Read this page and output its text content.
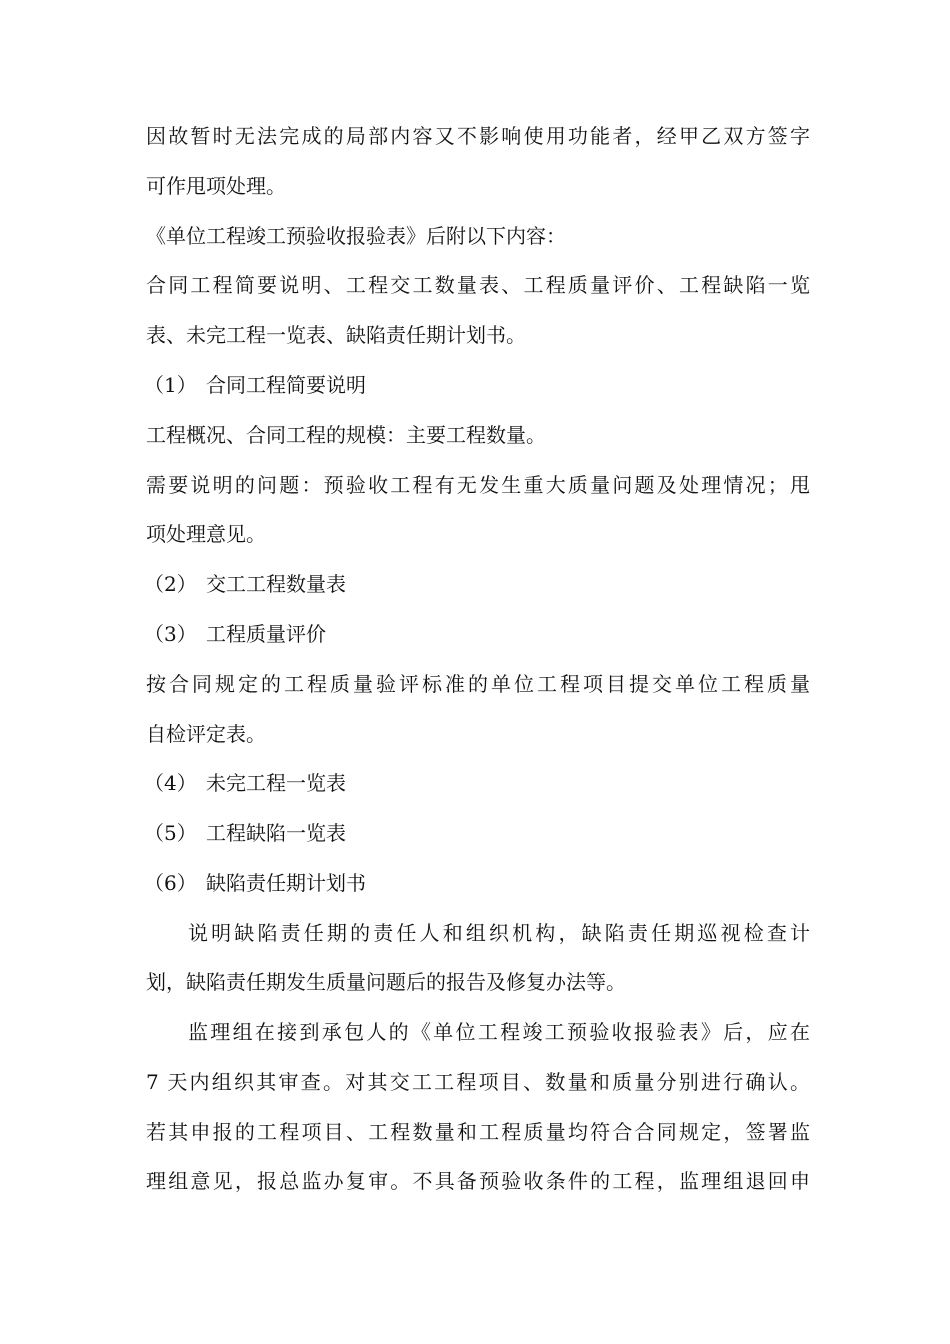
因故暂时无法完成的局部内容又不影响使用功能者，经甲乙双方签字
可作甩项处理。
《单位工程竣工预验收报验表》后附以下内容：
合同工程简要说明、工程交工数量表、工程质量评价、工程缺陷一览
表、未完工程一览表、缺陷责任期计划书。
（1） 合同工程简要说明
工程概况、合同工程的规模：主要工程数量。
需要说明的问题：预验收工程有无发生重大质量问题及处理情况；甩
项处理意见。
（2） 交工工程数量表
（3） 工程质量评价
按合同规定的工程质量验评标准的单位工程项目提交单位工程质量
自检评定表。
（4） 未完工程一览表
（5） 工程缺陷一览表
（6） 缺陷责任期计划书
说明缺陷责任期的责任人和组织机构，缺陷责任期巡视检查计
划，缺陷责任期发生质量问题后的报告及修复办法等。
监理组在接到承包人的《单位工程竣工预验收报验表》后，应在
7 天内组织其审查。对其交工工程项目、数量和质量分别进行确认。
若其申报的工程项目、工程数量和工程质量均符合合同规定，签署监
理组意见，报总监办复审。不具备预验收条件的工程，监理组退回申
